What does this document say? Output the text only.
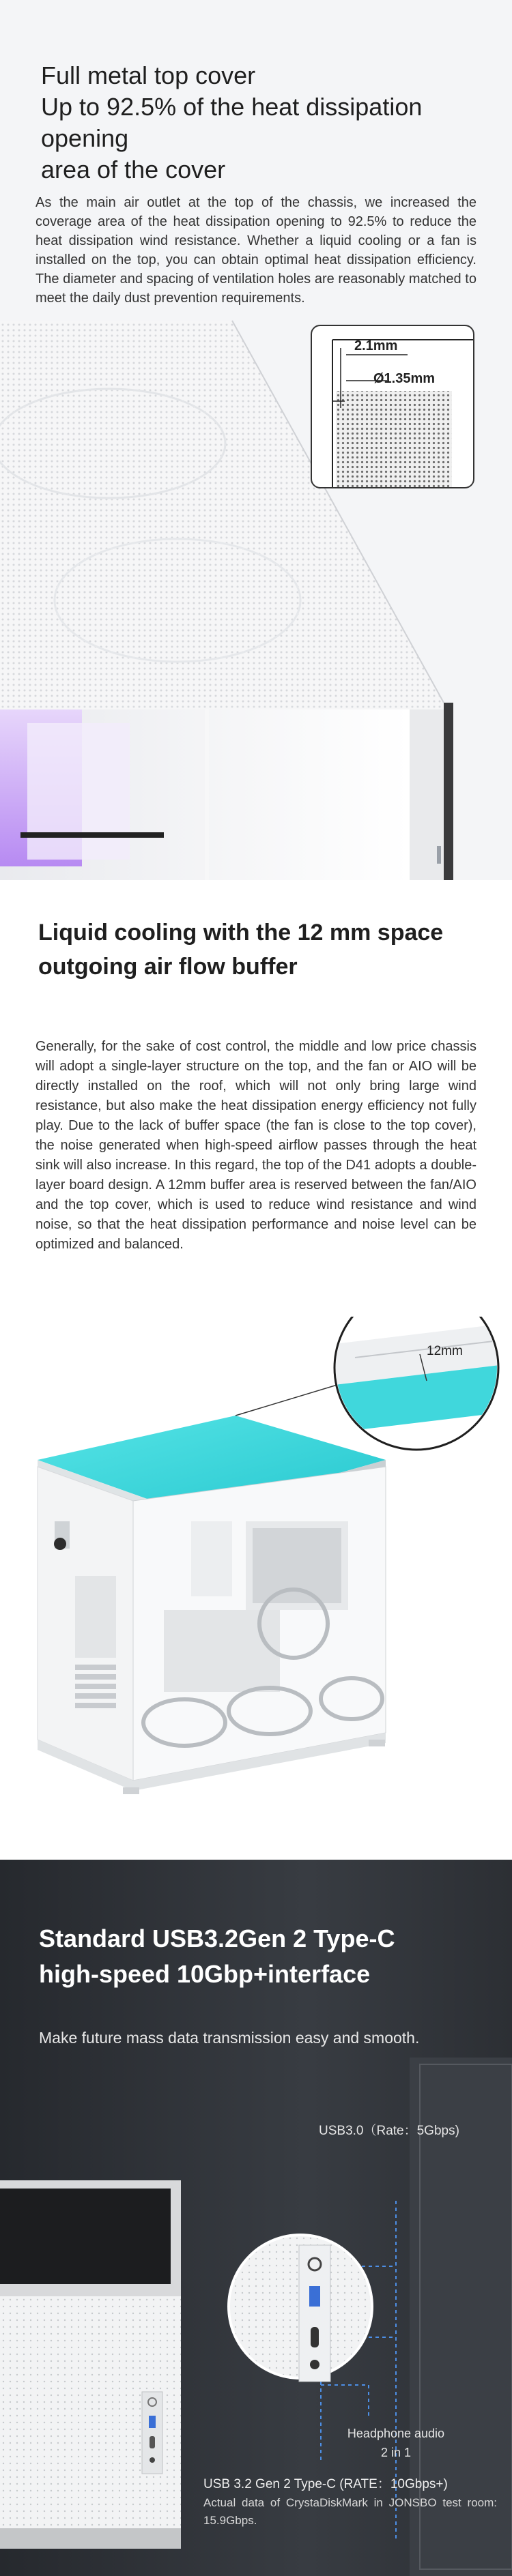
Full metal top cover
Up to 92.5% of the heat dissipation opening
area of the cover
As the main air outlet at the top of the chassis, we increased the coverage area of the heat dissipation opening to 92.5% to reduce the heat dissipation wind resistance. Whether a liquid cooling or a fan is installed on the top, you can obtain optimal heat dissipation efficiency. The diameter and spacing of ventilation holes are reasonably matched to meet the daily dust prevention requirements.
2.1mm
Ø1.35mm
Liquid cooling with the 12 mm space
outgoing air flow buffer
Generally, for the sake of cost control, the middle and low price chassis will adopt a single-layer structure on the top, and the fan or AIO will be directly installed on the roof, which will not only bring large wind resistance, but also make the heat dissipation energy efficiency not fully play. Due to the lack of buffer space (the fan is close to the top cover), the noise generated when high-speed airflow passes through the heat sink will also increase. In this regard, the top of the D41 adopts a double-layer board design. A 12mm buffer area is reserved between the fan/AIO and the top cover, which is used to reduce wind resistance and wind noise, so that the heat dissipation performance and noise level can be optimized and balanced.
12mm
Standard USB3.2Gen 2 Type-C
high-speed 10Gbp+interface
Make future mass data transmission easy and smooth.
USB3.0（Rate：5Gbps)
Headphone audio
2 in 1
USB 3.2 Gen 2 Type-C (RATE：10Gbps+)
Actual data of CrystaDiskMark in JONSBO test room: 15.9Gbps.
